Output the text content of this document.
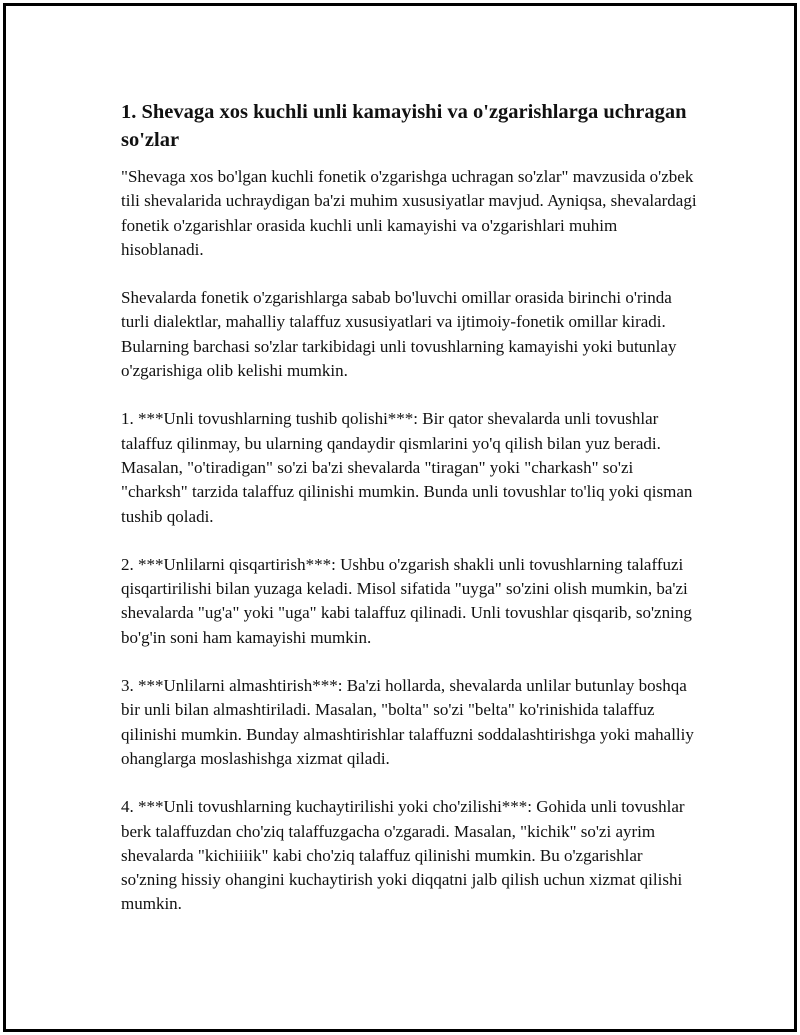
1. Shevaga xos kuchli unli kamayishi va o'zgarishlarga uchragan so'zlar

"Shevaga xos bo'lgan kuchli fonetik o'zgarishga uchragan so'zlar" mavzusida o'zbek tili shevalarida uchraydigan ba'zi muhim xususiyatlar mavjud. Ayniqsa, shevalardagi fonetik o'zgarishlar orasida kuchli unli kamayishi va o'zgarishlari muhim hisoblanadi.

Shevalarda fonetik o'zgarishlarga sabab bo'luvchi omillar orasida birinchi o'rinda turli dialektlar, mahalliy talaffuz xususiyatlari va ijtimoiy-fonetik omillar kiradi. Bularning barchasi so'zlar tarkibidagi unli tovushlarning kamayishi yoki butunlay o'zgarishiga olib kelishi mumkin.

1. ***Unli tovushlarning tushib qolishi***: Bir qator shevalarda unli tovushlar talaffuz qilinmay, bu ularning qandaydir qismlarini yo'q qilish bilan yuz beradi. Masalan, "o'tiradigan" so'zi ba'zi shevalarda "tiragan" yoki "charkash" so'zi "charksh" tarzida talaffuz qilinishi mumkin. Bunda unli tovushlar to'liq yoki qisman tushib qoladi.

2. ***Unlilarni qisqartirish***: Ushbu o'zgarish shakli unli tovushlarning talaffuzi qisqartirilishi bilan yuzaga keladi. Misol sifatida "uyga" so'zini olish mumkin, ba'zi shevalarda "ug'a" yoki "uga" kabi talaffuz qilinadi. Unli tovushlar qisqarib, so'zning bo'g'in soni ham kamayishi mumkin.

3. ***Unlilarni almashtirish***: Ba'zi hollarda, shevalarda unlilar butunlay boshqa bir unli bilan almashtiriladi. Masalan, "bolta" so'zi "belta" ko'rinishida talaffuz qilinishi mumkin. Bunday almashtirishlar talaffuzni soddalashtirishga yoki mahalliy ohanglarga moslashishga xizmat qiladi.

4. ***Unli tovushlarning kuchaytirilishi yoki cho'zilishi***: Gohida unli tovushlar berk talaffuzdan cho'ziq talaffuzgacha o'zgaradi. Masalan, "kichik" so'zi ayrim shevalarda "kichiiiik" kabi cho'ziq talaffuz qilinishi mumkin. Bu o'zgarishlar so'zning hissiy ohangini kuchaytirish yoki diqqatni jalb qilish uchun xizmat qilishi mumkin.
